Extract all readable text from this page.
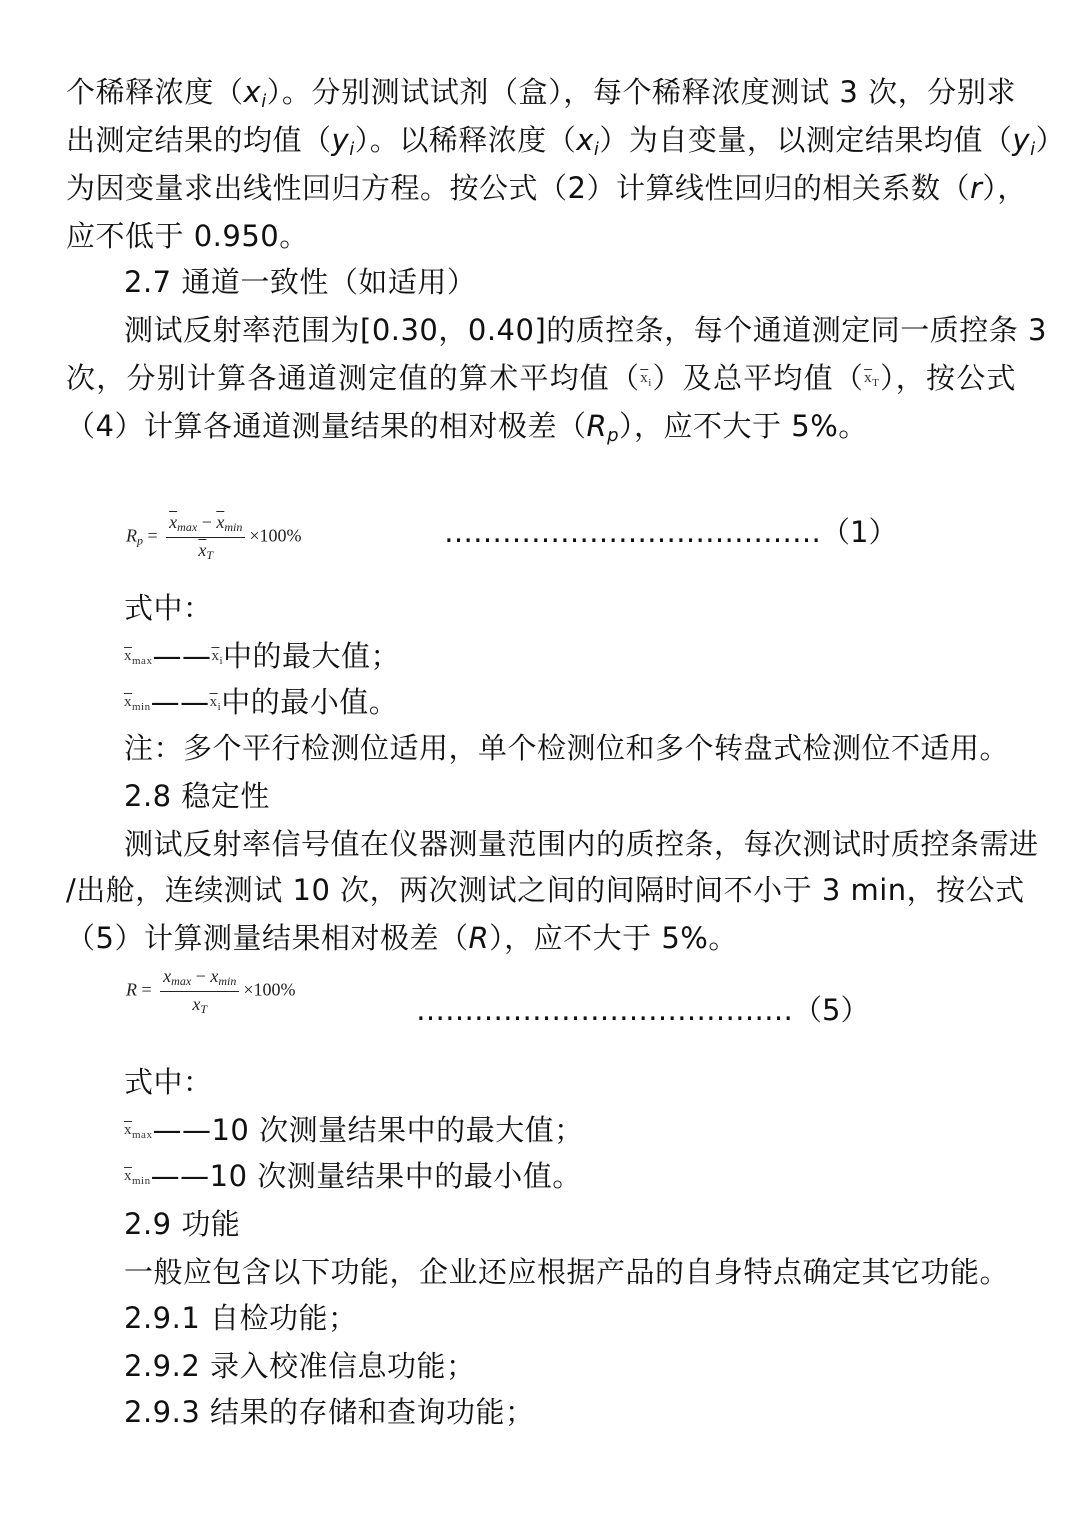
个稀释浓度$(x_i)$。分别测试试剂（盒），每个稀释浓度测试 3 次，分别求
出测定结果的均值$(y_i)$。以稀释浓度$(x_i)$为自变量，以测定结果均值$(y_i)$
为因变量求出线性回归方程。按公式（2）计算线性回归的相关系数（r），
应不低于 0.950。
2.7 通道一致性（如适用）
测试反射率范围为[0.30，0.40]的质控条，每个通道测定同一质控条 3
次，分别计算各通道测定值的算术平均值（$^{\overline{x}_i}$）及总平均值（$^{\overline{x}_T}$），按公式
（4）计算各通道测量结果的相对极差$(R_p)$，应不大于 5%。
$R_p = \frac{\overline{x}\max - \overline{x}\min}{\overline{x}T} \times 100\%$	…………………………………（1）
式中：
$^{\overline{x}_{max}}$——$^{\overline{x}_i}$中的最大值；
$^{\overline{x}_{min}}$——$^{\overline{x}_i}$中的最小值。
注：多个平行检测位适用，单个检测位和多个转盘式检测位不适用。
2.8 稳定性
测试反射率信号值在仪器测量范围内的质控条，每次测试时质控条需进
/出舱，连续测试 10 次，两次测试之间的间隔时间不小于 3 min，按公式
（5）计算测量结果相对极差（R），应不大于 5%。
$R = \frac{xmax - xmin}{xT} \times 100\%$
…………………………………（5）
式中：
$^{\overline{x}_{max}}$——10 次测量结果中的最大值；
$^{\overline{x}_{min}}$——10 次测量结果中的最小值。
2.9 功能
一般应包含以下功能，企业还应根据产品的自身特点确定其它功能。
2.9.1 自检功能；
2.9.2 录入校准信息功能；
2.9.3 结果的存储和查询功能；
